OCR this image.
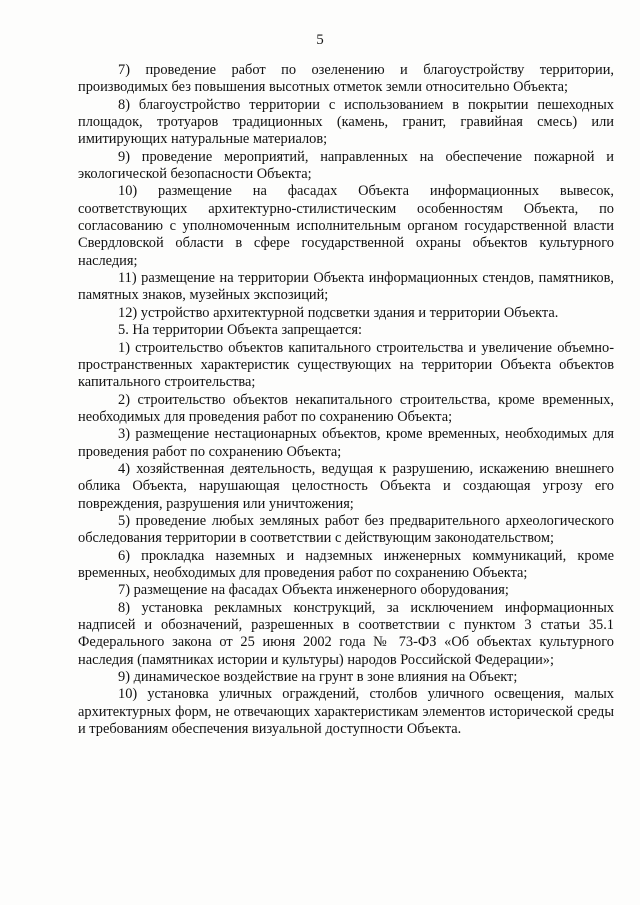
5

7) проведение работ по озеленению и благоустройству территории, производимых без повышения высотных отметок земли относительно Объекта;

8) благоустройство территории с использованием в покрытии пешеходных площадок, тротуаров традиционных (камень, гранит, гравийная смесь) или имитирующих натуральные материалов;

9) проведение мероприятий, направленных на обеспечение пожарной и экологической безопасности Объекта;

10) размещение на фасадах Объекта информационных вывесок, соответствующих архитектурно-стилистическим особенностям Объекта, по согласованию с уполномоченным исполнительным органом государственной власти Свердловской области в сфере государственной охраны объектов культурного наследия;

11) размещение на территории Объекта информационных стендов, памятников, памятных знаков, музейных экспозиций;

12) устройство архитектурной подсветки здания и территории Объекта.

5. На территории Объекта запрещается:

1) строительство объектов капитального строительства и увеличение объемно-пространственных характеристик существующих на территории Объекта объектов капитального строительства;

2) строительство объектов некапитального строительства, кроме временных, необходимых для проведения работ по сохранению Объекта;

3) размещение нестационарных объектов, кроме временных, необходимых для проведения работ по сохранению Объекта;

4) хозяйственная деятельность, ведущая к разрушению, искажению внешнего облика Объекта, нарушающая целостность Объекта и создающая угрозу его повреждения, разрушения или уничтожения;

5) проведение любых земляных работ без предварительного археологического обследования территории в соответствии с действующим законодательством;

6) прокладка наземных и надземных инженерных коммуникаций, кроме временных, необходимых для проведения работ по сохранению Объекта;

7) размещение на фасадах Объекта инженерного оборудования;

8) установка рекламных конструкций, за исключением информационных надписей и обозначений, разрешенных в соответствии с пунктом 3 статьи 35.1 Федерального закона от 25 июня 2002 года № 73-ФЗ «Об объектах культурного наследия (памятниках истории и культуры) народов Российской Федерации»;

9) динамическое воздействие на грунт в зоне влияния на Объект;

10) установка уличных ограждений, столбов уличного освещения, малых архитектурных форм, не отвечающих характеристикам элементов исторической среды и требованиям обеспечения визуальной доступности Объекта.
